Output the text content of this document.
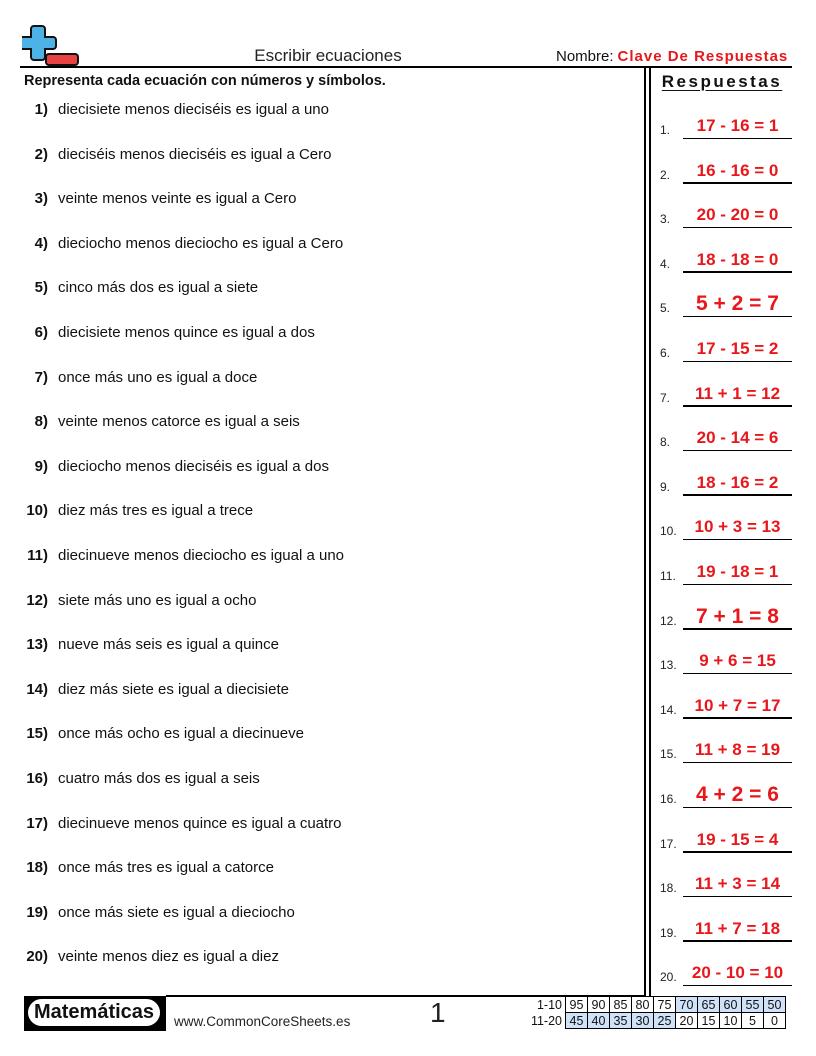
Escribir ecuaciones	Nombre: Clave De Respuestas
Representa cada ecuación con números y símbolos.	Respuestas
1) diecisiete menos dieciséis es igual a uno
2) dieciséis menos dieciséis es igual a Cero
3) veinte menos veinte es igual a Cero
4) dieciocho menos dieciocho es igual a Cero
5) cinco más dos es igual a siete
6) diecisiete menos quince es igual a dos
7) once más uno es igual a doce
8) veinte menos catorce es igual a seis
9) dieciocho menos dieciséis es igual a dos
10) diez más tres es igual a trece
11) diecinueve menos dieciocho es igual a uno
12) siete más uno es igual a ocho
13) nueve más seis es igual a quince
14) diez más siete es igual a diecisiete
15) once más ocho es igual a diecinueve
16) cuatro más dos es igual a seis
17) diecinueve menos quince es igual a cuatro
18) once más tres es igual a catorce
19) once más siete es igual a dieciocho
20) veinte menos diez es igual a diez
1.	17 - 16 = 1
2.	16 - 16 = 0
3.	20 - 20 = 0
4.	18 - 18 = 0
5.	5 + 2 = 7
6.	17 - 15 = 2
7.	11 + 1 = 12
8.	20 - 14 = 6
9.	18 - 16 = 2
10.	10 + 3 = 13
11.	19 - 18 = 1
12. 7 + 1 = 8
13.	9 + 6 = 15
14.	10 + 7 = 17
15.	11 + 8 = 19
16. 4 + 2 = 6
17.	19 - 15 = 4
18.	11 + 3 = 14
19.	11 + 7 = 18
20. 20 - 10 = 10
Matemáticas	www.CommonCoreSheets.es	1	1-10	95	90	85	80	75	70	65	60	55	50
11-20	45	40	35	30	25	20	15	10	5	0
